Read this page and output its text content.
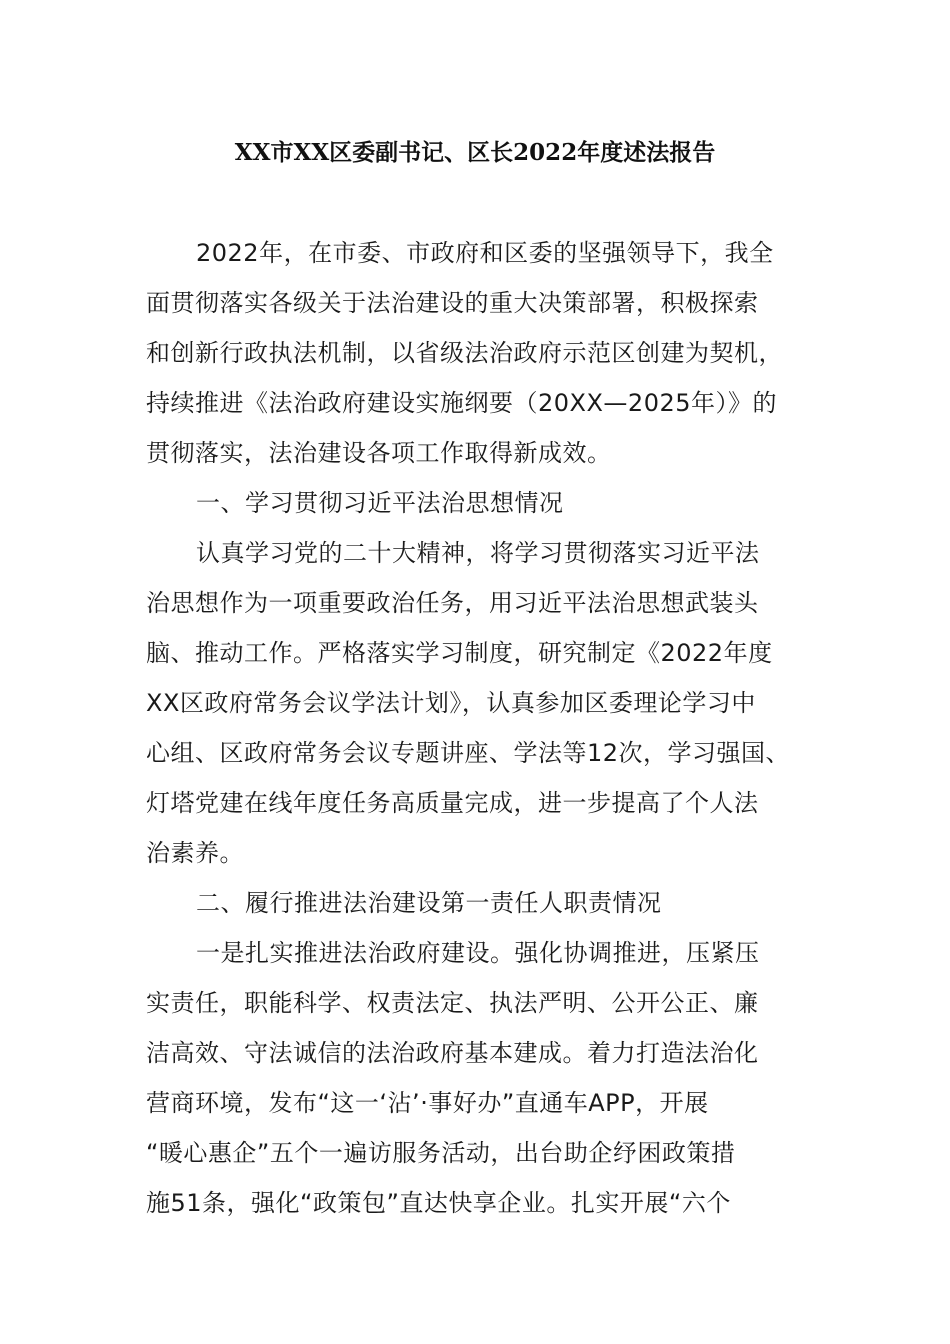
XX市XX区委副书记、区长2022年度述法报告
2022年，在市委、市政府和区委的坚强领导下，我全
面贯彻落实各级关于法治建设的重大决策部署，积极探索
和创新行政执法机制，以省级法治政府示范区创建为契机，
持续推进《法治政府建设实施纲要（20XX—2025年）》的
贯彻落实，法治建设各项工作取得新成效。
一、学习贯彻习近平法治思想情况
认真学习党的二十大精神，将学习贯彻落实习近平法
治思想作为一项重要政治任务，用习近平法治思想武装头
脑、推动工作。严格落实学习制度，研究制定《2022年度
XX区政府常务会议学法计划》，认真参加区委理论学习中
心组、区政府常务会议专题讲座、学法等12次，学习强国、
灯塔党建在线年度任务高质量完成，进一步提高了个人法
治素养。
二、履行推进法治建设第一责任人职责情况
一是扎实推进法治政府建设。强化协调推进，压紧压
实责任，职能科学、权责法定、执法严明、公开公正、廉
洁高效、守法诚信的法治政府基本建成。着力打造法治化
营商环境，发布“这一‘沾’·事好办”直通车APP，开展
“暖心惠企”五个一遍访服务活动，出台助企纾困政策措
施51条，强化“政策包”直达快享企业。扎实开展“六个
